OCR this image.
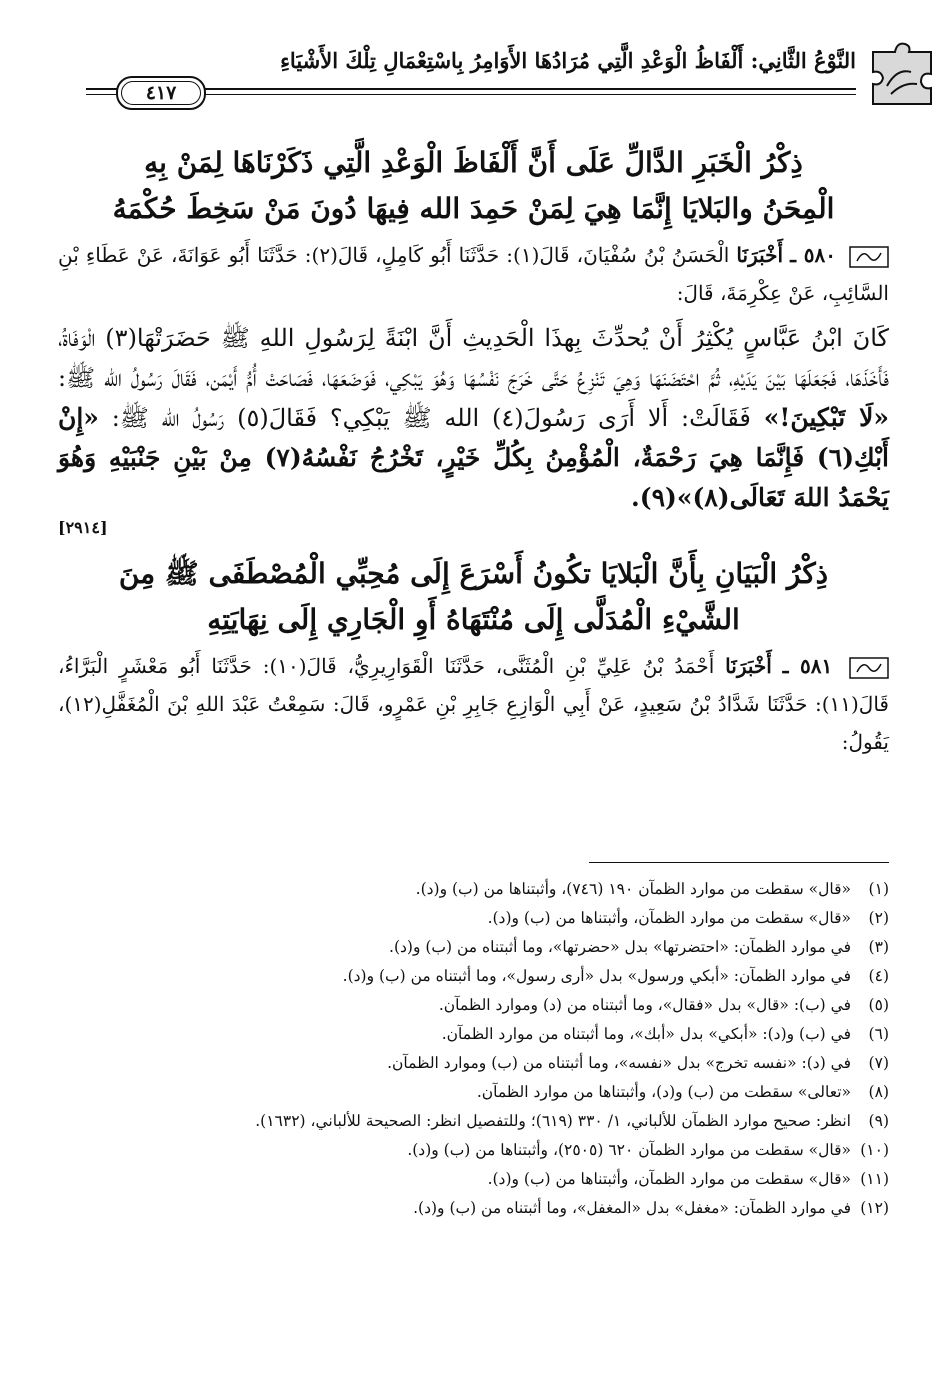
النَّوْعُ الثَّانِي: أَلْفَاظُ الْوَعْدِ الَّتِي مُرَادُهَا الأَوَامِرُ بِاسْتِعْمَالِ تِلْكَ الأَشْيَاءِ
٤١٧
ذِكْرُ الْخَبَرِ الدَّالِّ عَلَى أَنَّ أَلْفَاظَ الْوَعْدِ الَّتِي ذَكَرْنَاهَا لِمَنْ بِهِ
الْمِحَنُ والبَلايَا إِنَّمَا هِيَ لِمَنْ حَمِدَ الله فِيهَا دُونَ مَنْ سَخِطَ حُكْمَهُ

٥٨٠ ـ أَخْبَرَنَا الْحَسَنُ بْنُ سُفْيَانَ، قَالَ(١): حَدَّثَنَا أَبُو كَامِلٍ، قَالَ(٢): حَدَّثَنَا أَبُو عَوَانَةَ، عَنْ عَطَاءِ بْنِ السَّائِبِ، عَنْ عِكْرِمَةَ، قَالَ:

كَانَ ابْنُ عَبَّاسٍ يُكْثِرُ أَنْ يُحدِّثَ بِهذَا الْحَدِيثِ أَنَّ ابْنَةً لِرَسُولِ اللهِ ﷺ حَضَرَتْهَا(٣) الْوَفَاةُ، فَأَخَذَهَا، فَجَعَلَهَا بَيْنَ يَدَيْهِ، ثُمَّ احْتَضَنَهَا وَهِيَ تَنْزِعُ حَتَّى خَرَجَ نَفْسُهَا وَهُوَ يَبْكِي، فَوَضَعَهَا، فَصَاحَتْ أُمُّ أَيْمَن، فَقَالَ رَسُولُ الله ﷺ: «لَا تَبْكِينَ!» فَقَالَتْ: أَلا أَرَى رَسُولَ(٤) الله ﷺ يَبْكِي؟ فَقَالَ(٥) رَسُولُ الله ﷺ: «إِنْ أَبْكِ(٦) فَإِنَّمَا هِيَ رَحْمَةٌ، الْمُؤْمِنُ بِكُلِّ خَيْرٍ، تَخْرُجُ نَفْسُهُ(٧) مِنْ بَيْنِ جَنْبَيْهِ وَهُوَ يَحْمَدُ اللهَ تَعَالَى(٨)»(٩).

[٢٩١٤]
ذِكْرُ الْبَيَانِ بِأَنَّ الْبَلايَا تكُونُ أَسْرَعَ إِلَى مُحِبِّي الْمُصْطَفَى ﷺ مِنَ
الشَّيْءِ الْمُدَلَّى إِلَى مُنْتَهَاهُ أَوِ الْجَارِي إِلَى نِهَايَتِهِ

٥٨١ ـ أَخْبَرَنَا أَحْمَدُ بْنُ عَلِيِّ بْنِ الْمُثَنَّى، حَدَّثَنَا الْقَوَارِيرِيُّ، قَالَ(١٠): حَدَّثَنَا أَبُو مَعْشَرٍ الْبَرَّاءُ، قَالَ(١١): حَدَّثَنَا شَدَّادُ بْنُ سَعِيدٍ، عَنْ أَبِي الْوَازِعِ جَابِرِ بْنِ عَمْرٍو، قَالَ: سَمِعْتُ عَبْدَ اللهِ بْنَ الْمُغَفَّلِ(١٢)، يَقُولُ:

(١)
«قال» سقطت من موارد الظمآن ١٩٠ (٧٤٦)، وأثبتناها من (ب) و(د).
(٢)
«قال» سقطت من موارد الظمآن، وأثبتناها من (ب) و(د).
(٣)
في موارد الظمآن: «احتضرتها» بدل «حضرتها»، وما أثبتناه من (ب) و(د).
(٤)
في موارد الظمآن: «أبكي ورسول» بدل «أرى رسول»، وما أثبتناه من (ب) و(د).
(٥)
في (ب): «قال» بدل «فقال»، وما أثبتناه من (د) وموارد الظمآن.
(٦)
في (ب) و(د): «أبكي» بدل «أبك»، وما أثبتناه من موارد الظمآن.
(٧)
في (د): «نفسه تخرج» بدل «نفسه»، وما أثبتناه من (ب) وموارد الظمآن.
(٨)
«تعالى» سقطت من (ب) و(د)، وأثبتناها من موارد الظمآن.
(٩)
انظر: صحيح موارد الظمآن للألباني، ١/ ٣٣٠ (٦١٩)؛ وللتفصيل انظر: الصحيحة للألباني، (١٦٣٢).
(١٠)
«قال» سقطت من موارد الظمآن ٦٢٠ (٢٥٠٥)، وأثبتناها من (ب) و(د).
(١١)
«قال» سقطت من موارد الظمآن، وأثبتناها من (ب) و(د).
(١٢)
في موارد الظمآن: «مغفل» بدل «المغفل»، وما أثبتناه من (ب) و(د).
